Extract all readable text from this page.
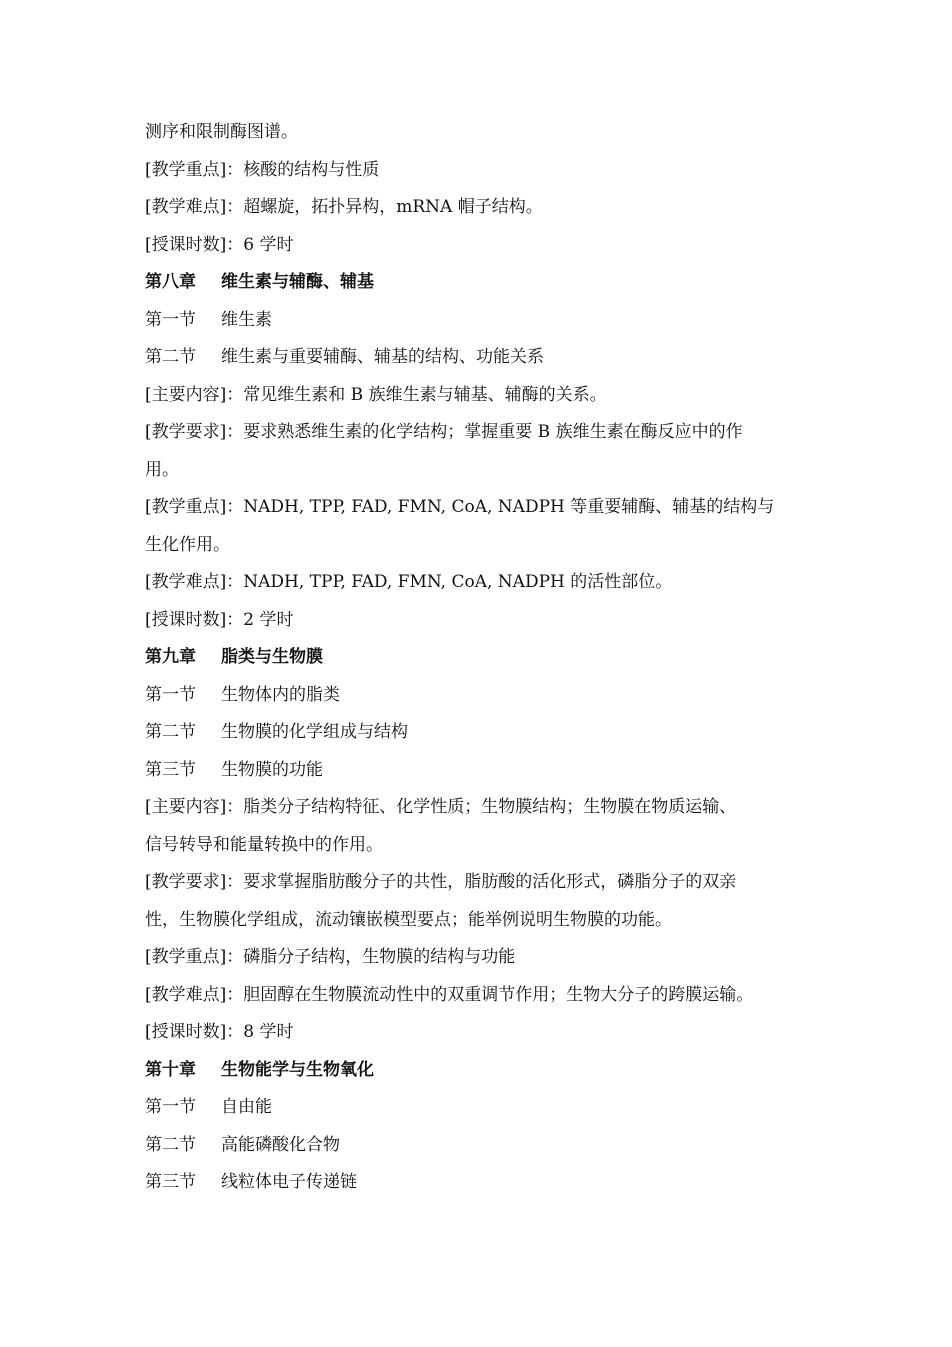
测序和限制酶图谱。
[教学重点]：核酸的结构与性质
[教学难点]：超螺旋，拓扑异构，mRNA 帽子结构。
[授课时数]：6 学时
第八章 维生素与辅酶、辅基
第一节 维生素
第二节 维生素与重要辅酶、辅基的结构、功能关系
[主要内容]：常见维生素和 B 族维生素与辅基、辅酶的关系。
[教学要求]：要求熟悉维生素的化学结构；掌握重要 B 族维生素在酶反应中的作
用。
[教学重点]：NADH, TPP, FAD, FMN, CoA, NADPH 等重要辅酶、辅基的结构与
生化作用。
[教学难点]：NADH, TPP, FAD, FMN, CoA, NADPH 的活性部位。
[授课时数]：2 学时
第九章 脂类与生物膜
第一节 生物体内的脂类
第二节 生物膜的化学组成与结构
第三节 生物膜的功能
[主要内容]：脂类分子结构特征、化学性质；生物膜结构；生物膜在物质运输、
信号转导和能量转换中的作用。
[教学要求]：要求掌握脂肪酸分子的共性，脂肪酸的活化形式，磷脂分子的双亲
性，生物膜化学组成，流动镶嵌模型要点；能举例说明生物膜的功能。
[教学重点]：磷脂分子结构，生物膜的结构与功能
[教学难点]：胆固醇在生物膜流动性中的双重调节作用；生物大分子的跨膜运输。
[授课时数]：8 学时
第十章 生物能学与生物氧化
第一节 自由能
第二节 高能磷酸化合物
第三节 线粒体电子传递链
